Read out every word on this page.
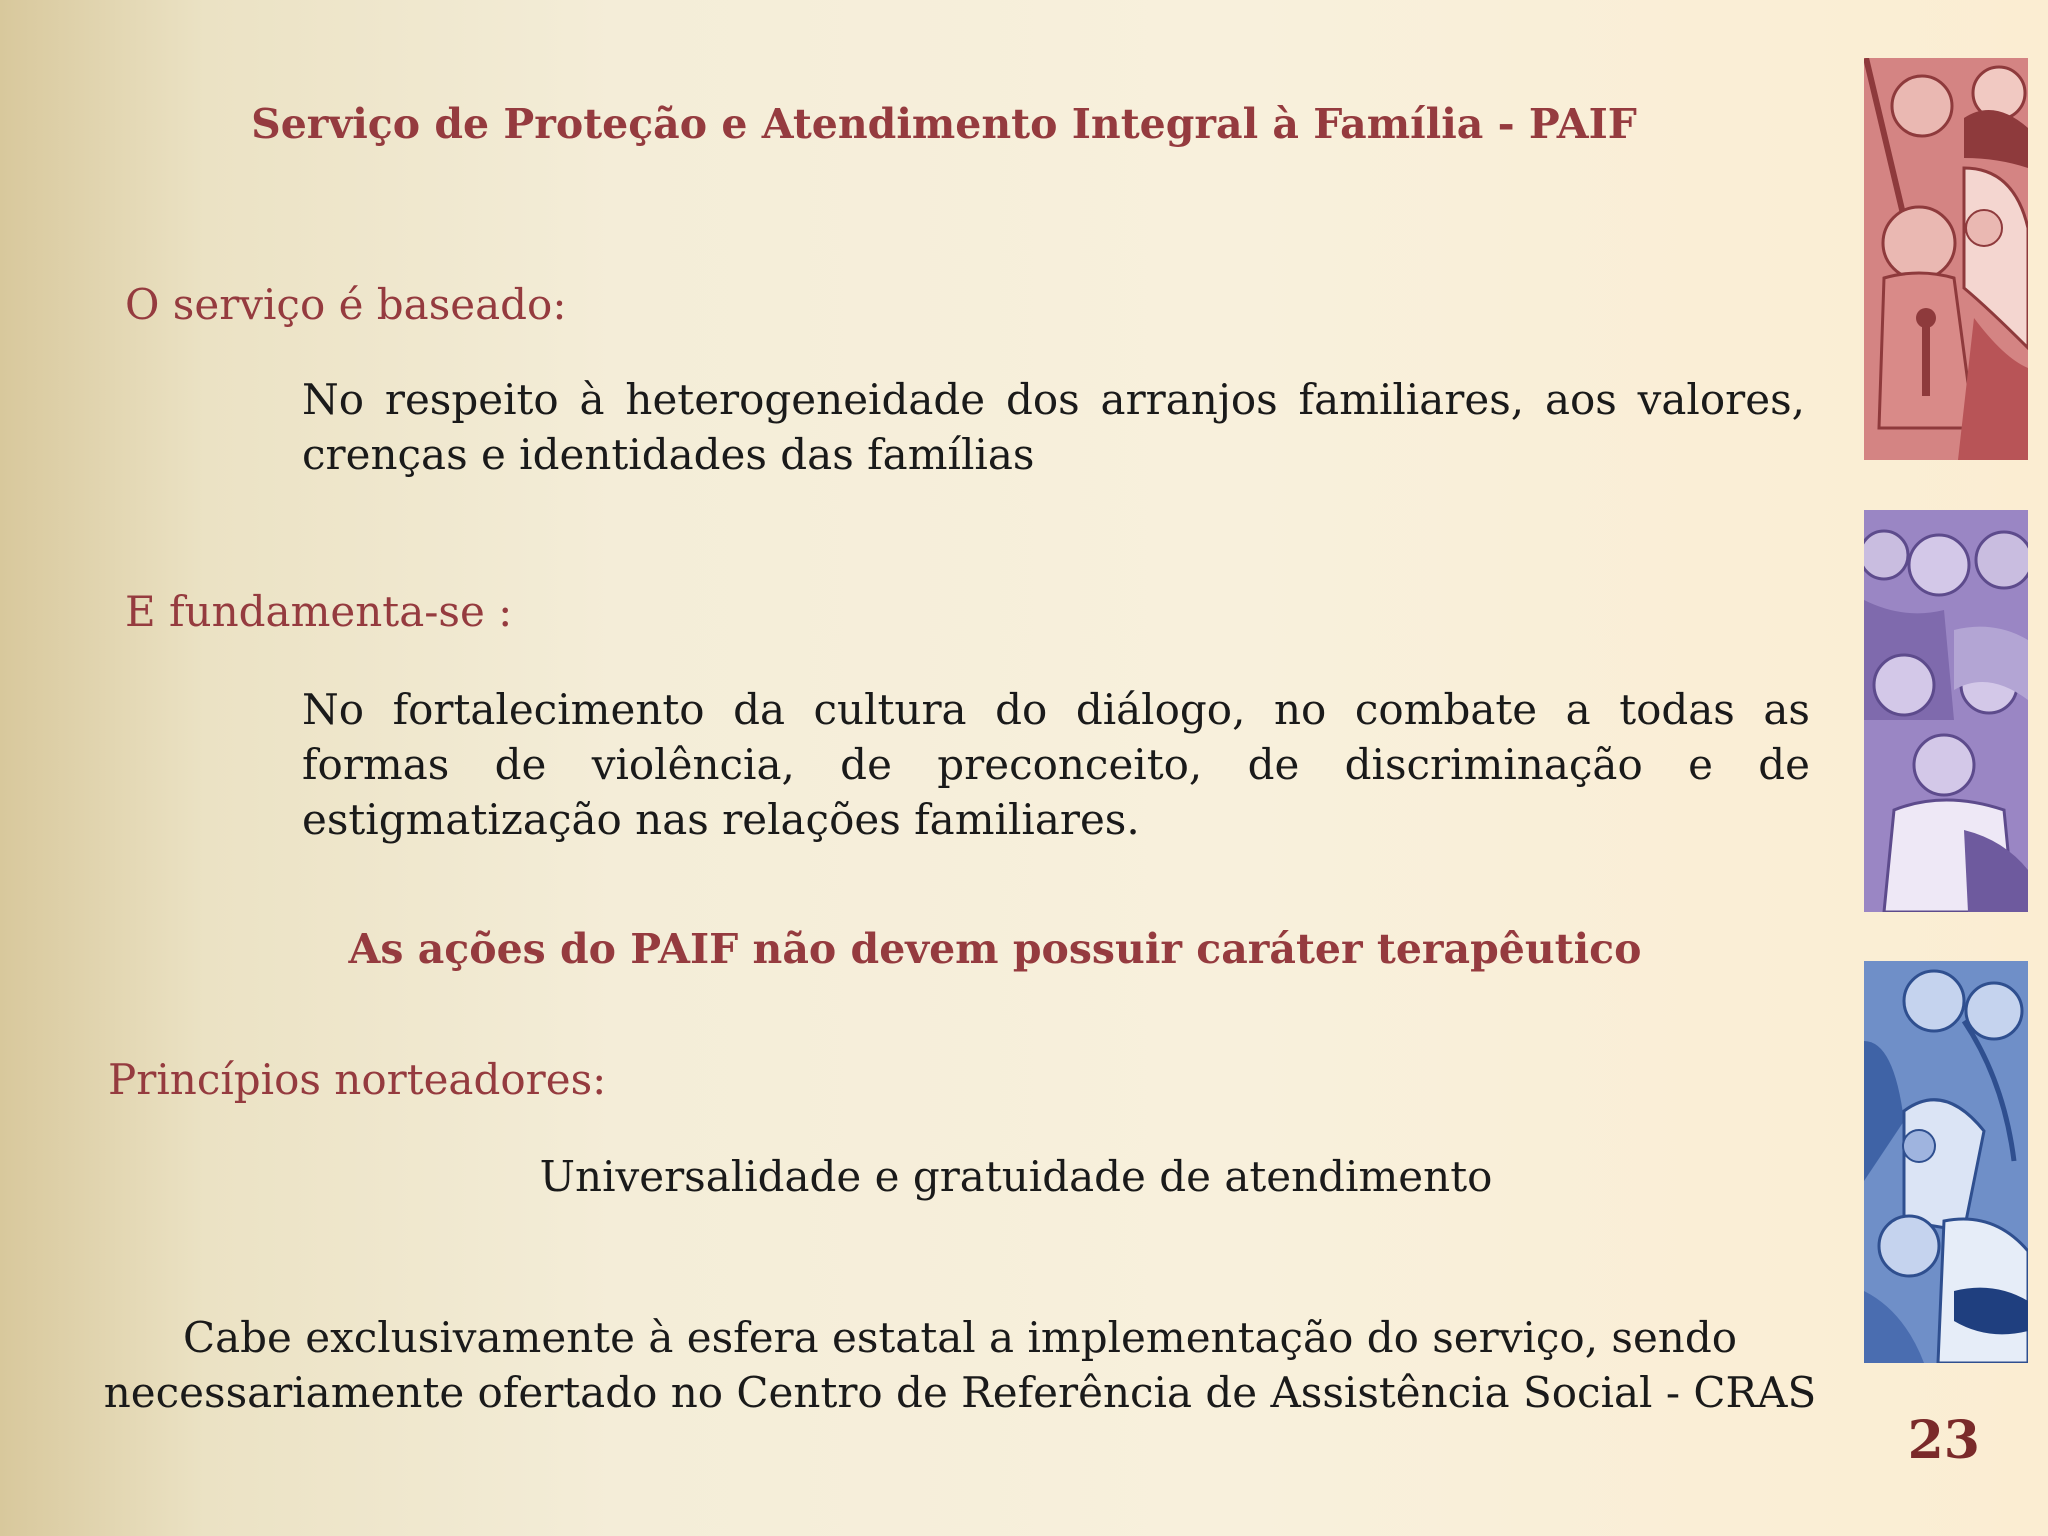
Serviço de Proteção e Atendimento Integral à Família - PAIF
O serviço é baseado:
No respeito à heterogeneidade dos arranjos familiares, aos valores, crenças e identidades das famílias
E fundamenta-se :
No fortalecimento da cultura do diálogo, no combate a todas as formas de violência, de preconceito, de discriminação e de estigmatização nas relações familiares.
As ações do PAIF não devem possuir caráter terapêutico
Princípios norteadores:
Universalidade e gratuidade de atendimento
Cabe exclusivamente à esfera estatal a implementação do serviço, sendo
necessariamente ofertado no Centro de Referência de Assistência Social - CRAS
23
